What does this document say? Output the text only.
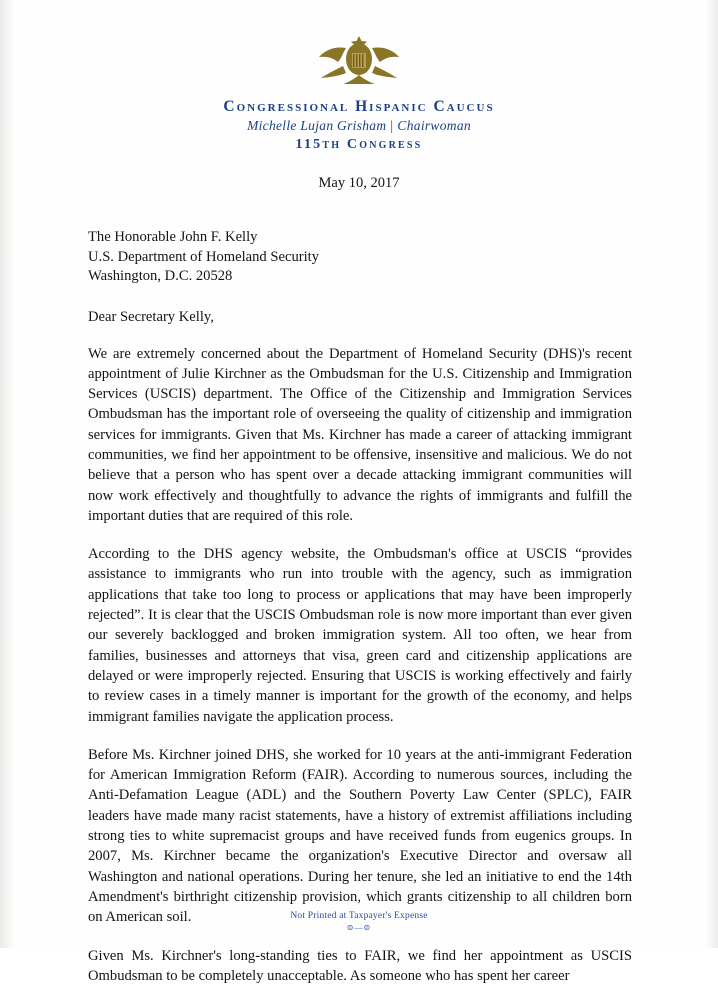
Congressional Hispanic Caucus
Michelle Lujan Grisham | Chairwoman
115th Congress
May 10, 2017
The Honorable John F. Kelly
U.S. Department of Homeland Security
Washington, D.C. 20528
Dear Secretary Kelly,

We are extremely concerned about the Department of Homeland Security (DHS)'s recent appointment of Julie Kirchner as the Ombudsman for the U.S. Citizenship and Immigration Services (USCIS) department. The Office of the Citizenship and Immigration Services Ombudsman has the important role of overseeing the quality of citizenship and immigration services for immigrants. Given that Ms. Kirchner has made a career of attacking immigrant communities, we find her appointment to be offensive, insensitive and malicious. We do not believe that a person who has spent over a decade attacking immigrant communities will now work effectively and thoughtfully to advance the rights of immigrants and fulfill the important duties that are required of this role.

According to the DHS agency website, the Ombudsman's office at USCIS “provides assistance to immigrants who run into trouble with the agency, such as immigration applications that take too long to process or applications that may have been improperly rejected”. It is clear that the USCIS Ombudsman role is now more important than ever given our severely backlogged and broken immigration system. All too often, we hear from families, businesses and attorneys that visa, green card and citizenship applications are delayed or were improperly rejected. Ensuring that USCIS is working effectively and fairly to review cases in a timely manner is important for the growth of the economy, and helps immigrant families navigate the application process.

Before Ms. Kirchner joined DHS, she worked for 10 years at the anti-immigrant Federation for American Immigration Reform (FAIR). According to numerous sources, including the Anti-Defamation League (ADL) and the Southern Poverty Law Center (SPLC), FAIR leaders have made many racist statements, have a history of extremist affiliations including strong ties to white supremacist groups and have received funds from eugenics groups. In 2007, Ms. Kirchner became the organization's Executive Director and oversaw all Washington and national operations. During her tenure, she led an initiative to end the 14th Amendment's birthright citizenship provision, which grants citizenship to all children born on American soil.

Given Ms. Kirchner's long-standing ties to FAIR, we find her appointment as USCIS Ombudsman to be completely unacceptable. As someone who has spent her career

Not Printed at Taxpayer's Expense
⊜—⊜
